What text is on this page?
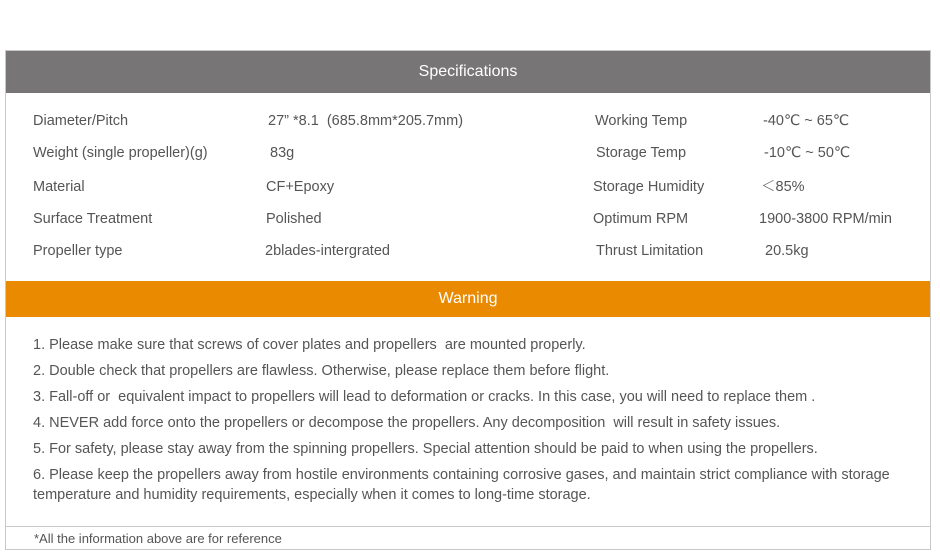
Specifications
Diameter/Pitch	27” *8.1  (685.8mm*205.7mm)	Working Temp	-40℃ ~ 65℃
Weight (single propeller)(g)	83g	Storage Temp	-10℃ ~ 50℃
Material	CF+Epoxy	Storage Humidity	＜85%
Surface Treatment	Polished	Optimum RPM	1900-3800 RPM/min
Propeller type	2blades-intergrated	Thrust Limitation	20.5kg
Warning
1. Please make sure that screws of cover plates and propellers  are mounted properly.
2. Double check that propellers are flawless. Otherwise, please replace them before flight.
3. Fall-off or  equivalent impact to propellers will lead to deformation or cracks. In this case, you will need to replace them .
4. NEVER add force onto the propellers or decompose the propellers. Any decomposition  will result in safety issues.
5. For safety, please stay away from the spinning propellers. Special attention should be paid to when using the propellers.
6. Please keep the propellers away from hostile environments containing corrosive gases, and maintain strict compliance with storage temperature and humidity requirements, especially when it comes to long-time storage.
*All the information above are for reference
